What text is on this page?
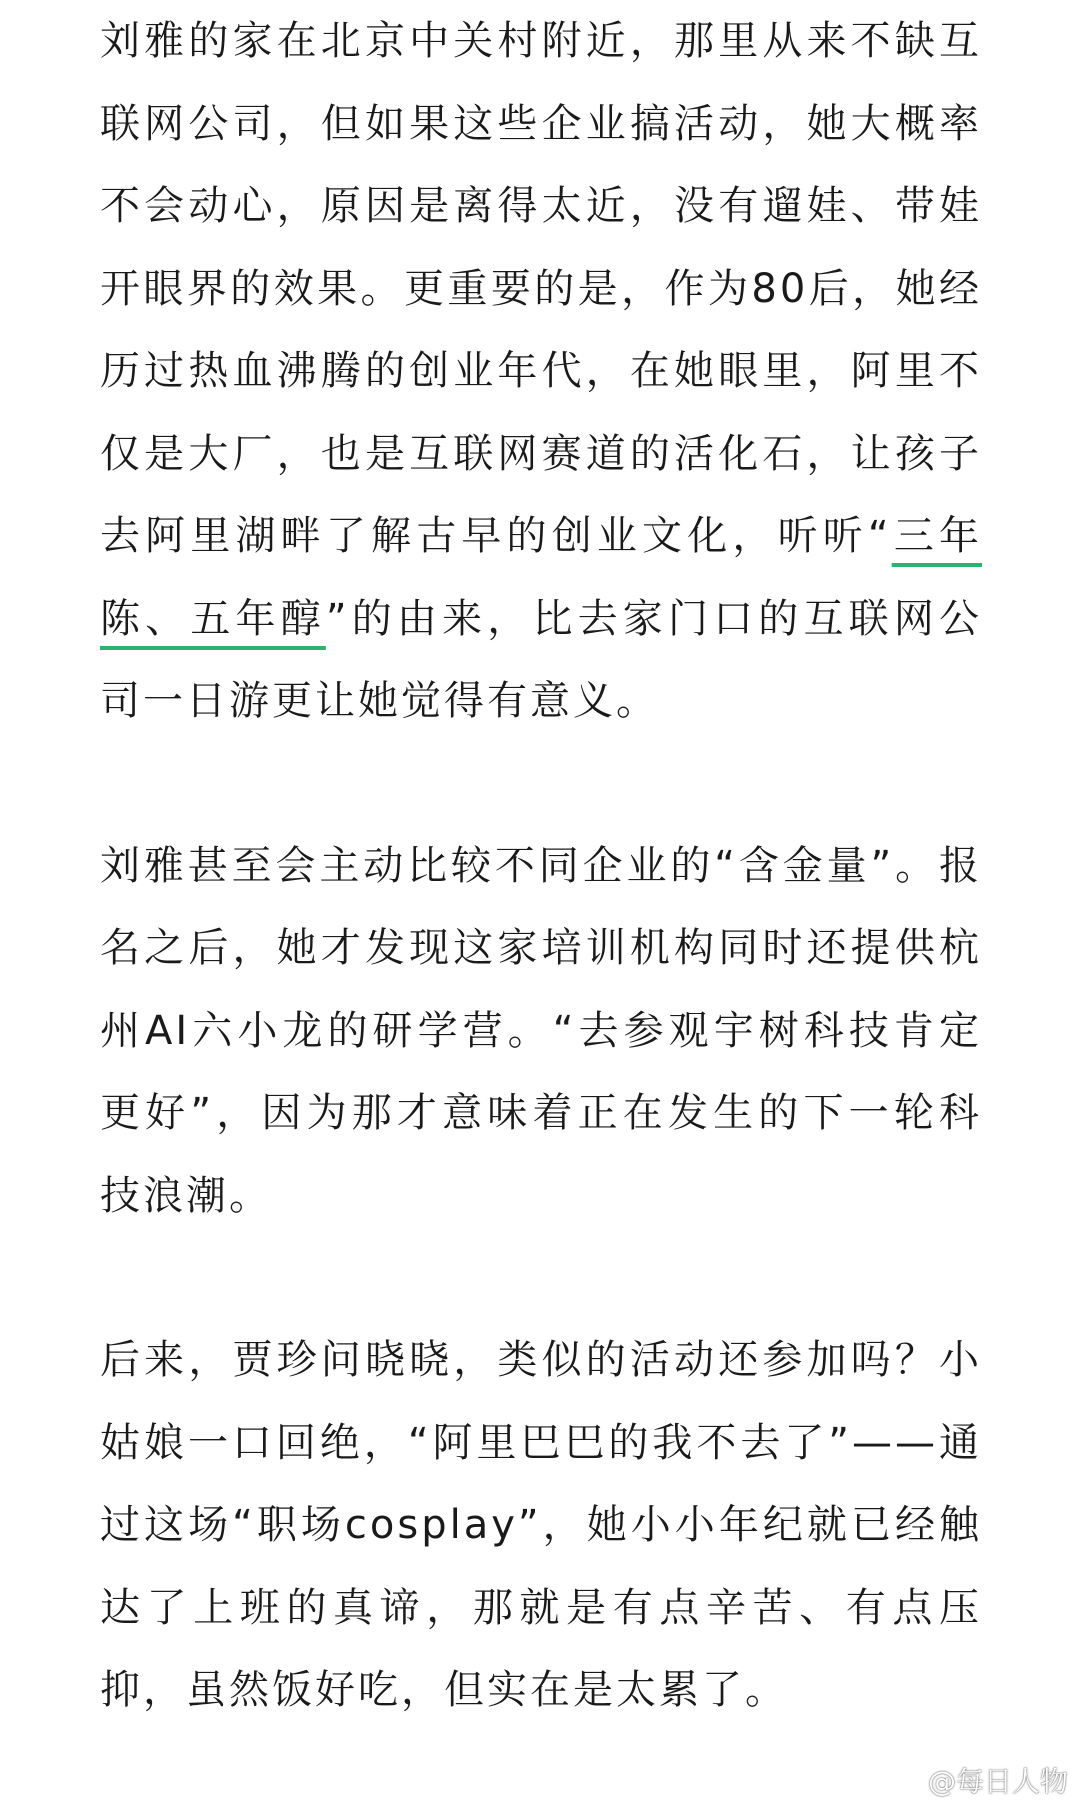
刘雅的家在北京中关村附近，那里从来不缺互联网公司，但如果这些企业搞活动，她大概率不会动心，原因是离得太近，没有遛娃、带娃开眼界的效果。更重要的是，作为80后，她经历过热血沸腾的创业年代，在她眼里，阿里不仅是大厂，也是互联网赛道的活化石，让孩子去阿里湖畔了解古早的创业文化，听听“三年陈、五年醇”的由来，比去家门口的互联网公司一日游更让她觉得有意义。

刘雅甚至会主动比较不同企业的“含金量”。报名之后，她才发现这家培训机构同时还提供杭州AI六小龙的研学营。“去参观宇树科技肯定更好”，因为那才意味着正在发生的下一轮科技浪潮。

后来，贾珍问晓晓，类似的活动还参加吗？小姑娘一口回绝，“阿里巴巴的我不去了”——通过这场“职场cosplay”，她小小年纪就已经触达了上班的真谛，那就是有点辛苦、有点压抑，虽然饭好吃，但实在是太累了。

@每日人物
